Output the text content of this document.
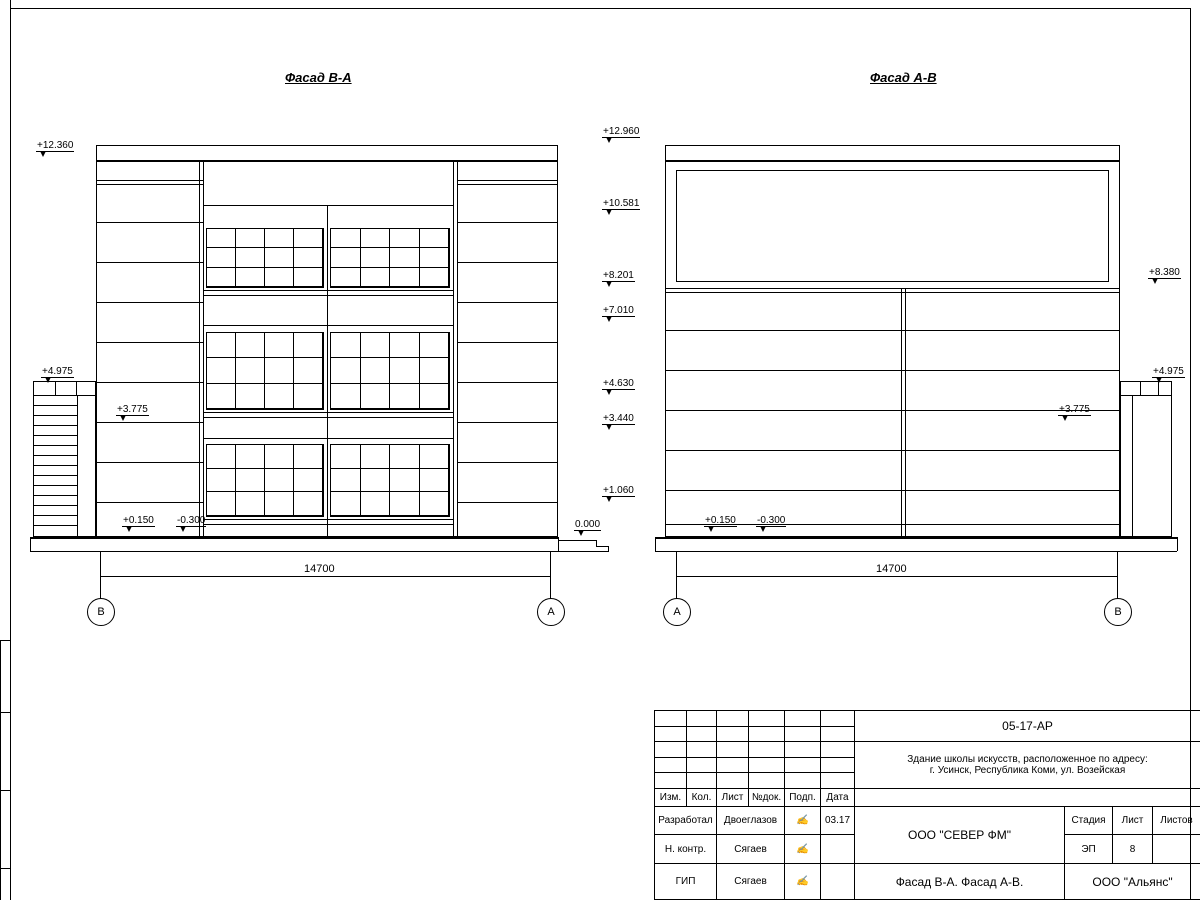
Фасад В-А	Фасад А-В
+12.360
+4.975
+3.775
+0.150 -0.300
+12.960
+10.581
+8.201
+7.010
+4.630
+3.440
+1.060
0.000
14700
В	А
+0.150 -0.300
+8.380
+4.975
+3.775
14700
А	В
						05-17-АР			

						Здание школы искусств, расположенное по адресу:
г. Усинск, Республика Коми, ул. Возейская			

Изм.	Кол.	Лист	№док.	Подп.	Дата				
Разработал		Двоеглазов		✍	03.17	ООО "СЕВЕР ФМ"	Стадия	Лист	Листов
Н. контр.		Сягаев		✍			ЭП	8	
ГИП		Сягаев		✍		Фасад В-А. Фасад А-В.	ООО "Альянс"		
